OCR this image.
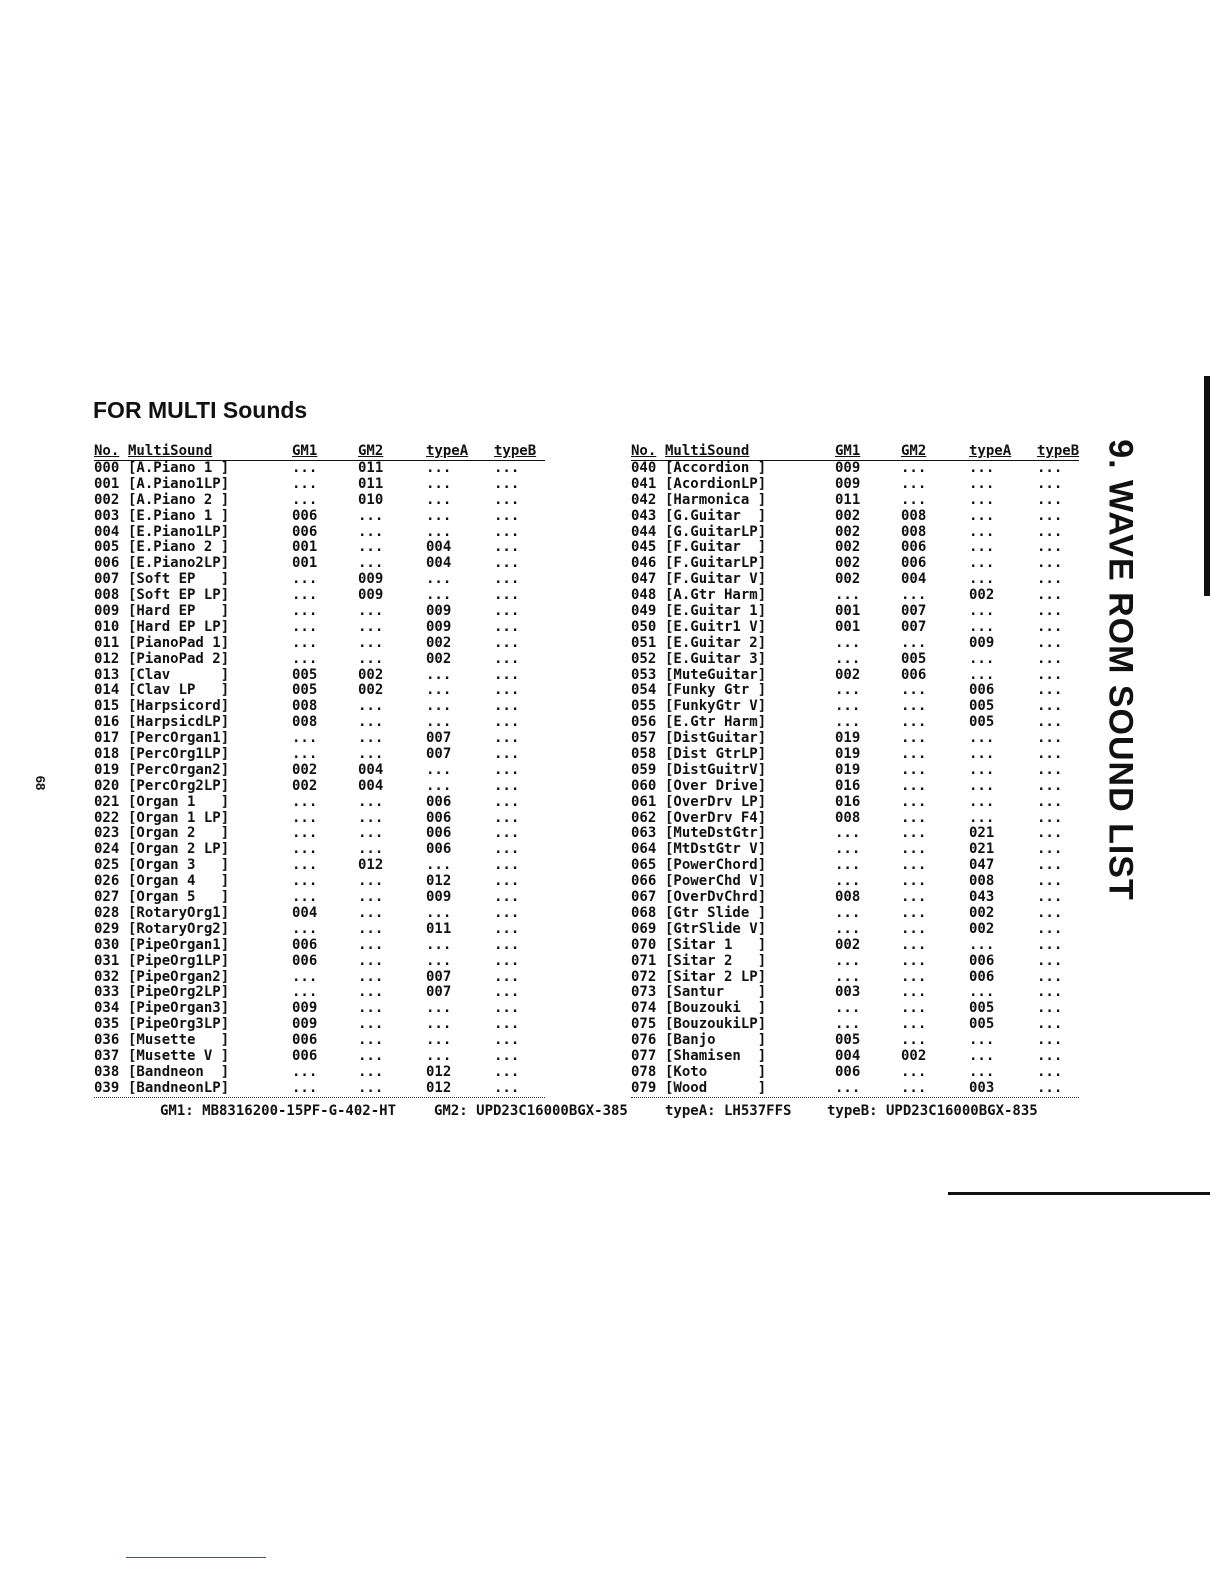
FOR MULTI Sounds
No. MultiSound	GM1	GM2	typeA typeB
000 [A.Piano 1 ]	...	011	...	...
001 [A.Piano1LP]	...	011	...	...
002 [A.Piano 2 ]	...	010	...	...
003 [E.Piano 1 ]	006	...	...	...
004 [E.Piano1LP]	006	...	...	...
005 [E.Piano 2 ]	001	...	004	...
006 [E.Piano2LP]	001	...	004	...
007 [Soft EP   ]	...	009	...	...
008 [Soft EP LP]	...	009	...	...
009 [Hard EP   ]	...	...	009	...
010 [Hard EP LP]	...	...	009	...
011 [PianoPad 1]	...	...	002	...
012 [PianoPad 2]	...	...	002	...
013 [Clav      ]	005	002	...	...
014 [Clav LP   ]	005	002	...	...
015 [Harpsicord]	008	...	...	...
016 [HarpsicdLP]	008	...	...	...
017 [PercOrgan1]	...	...	007	...
018 [PercOrg1LP]	...	...	007	...
019 [PercOrgan2]	002	004	...	...
020 [PercOrg2LP]	002	004	...	...
021 [Organ 1   ]	...	...	006	...
022 [Organ 1 LP]	...	...	006	...
023 [Organ 2   ]	...	...	006	...
024 [Organ 2 LP]	...	...	006	...
025 [Organ 3   ]	...	012	...	...
026 [Organ 4   ]	...	...	012	...
027 [Organ 5   ]	...	...	009	...
028 [RotaryOrg1]	004	...	...	...
029 [RotaryOrg2]	...	...	011	...
030 [PipeOrgan1]	006	...	...	...
031 [PipeOrg1LP]	006	...	...	...
032 [PipeOrgan2]	...	...	007	...
033 [PipeOrg2LP]	...	...	007	...
034 [PipeOrgan3]	009	...	...	...
035 [PipeOrg3LP]	009	...	...	...
036 [Musette   ]	006	...	...	...
037 [Musette V ]	006	...	...	...
038 [Bandneon  ]	...	...	012	...
039 [BandneonLP]	...	...	012	...
No. MultiSound	GM1	GM2	typeA typeB
040 [Accordion ]	009	...	...	...
041 [AcordionLP]	009	...	...	...
042 [Harmonica ]	011	...	...	...
043 [G.Guitar  ]	002	008	...	...
044 [G.GuitarLP]	002	008	...	...
045 [F.Guitar  ]	002	006	...	...
046 [F.GuitarLP]	002	006	...	...
047 [F.Guitar V]	002	004	...	...
048 [A.Gtr Harm]	...	...	002	...
049 [E.Guitar 1]	001	007	...	...
050 [E.Guitr1 V]	001	007	...	...
051 [E.Guitar 2]	...	...	009	...
052 [E.Guitar 3]	...	005	...	...
053 [MuteGuitar]	002	006	...	...
054 [Funky Gtr ]	...	...	006	...
055 [FunkyGtr V]	...	...	005	...
056 [E.Gtr Harm]	...	...	005	...
057 [DistGuitar]	019	...	...	...
058 [Dist GtrLP]	019	...	...	...
059 [DistGuitrV]	019	...	...	...
060 [Over Drive]	016	...	...	...
061 [OverDrv LP]	016	...	...	...
062 [OverDrv F4]	008	...	...	...
063 [MuteDstGtr]	...	...	021	...
064 [MtDstGtr V]	...	...	021	...
065 [PowerChord]	...	...	047	...
066 [PowerChd V]	...	...	008	...
067 [OverDvChrd]	008	...	043	...
068 [Gtr Slide ]	...	...	002	...
069 [GtrSlide V]	...	...	002	...
070 [Sitar 1   ]	002	...	...	...
071 [Sitar 2   ]	...	...	006	...
072 [Sitar 2 LP]	...	...	006	...
073 [Santur    ]	003	...	...	...
074 [Bouzouki  ]	...	...	005	...
075 [BouzoukiLP]	...	...	005	...
076 [Banjo     ]	005	...	...	...
077 [Shamisen  ]	004	002	...	...
078 [Koto      ]	006	...	...	...
079 [Wood      ]	...	...	003	...
GM1: MB8316200-15PF-G-402-HT	GM2: UPD23C16000BGX-385	typeA: LH537FFS	typeB: UPD23C16000BGX-835
9. WAVE ROM SOUND LIST
68
